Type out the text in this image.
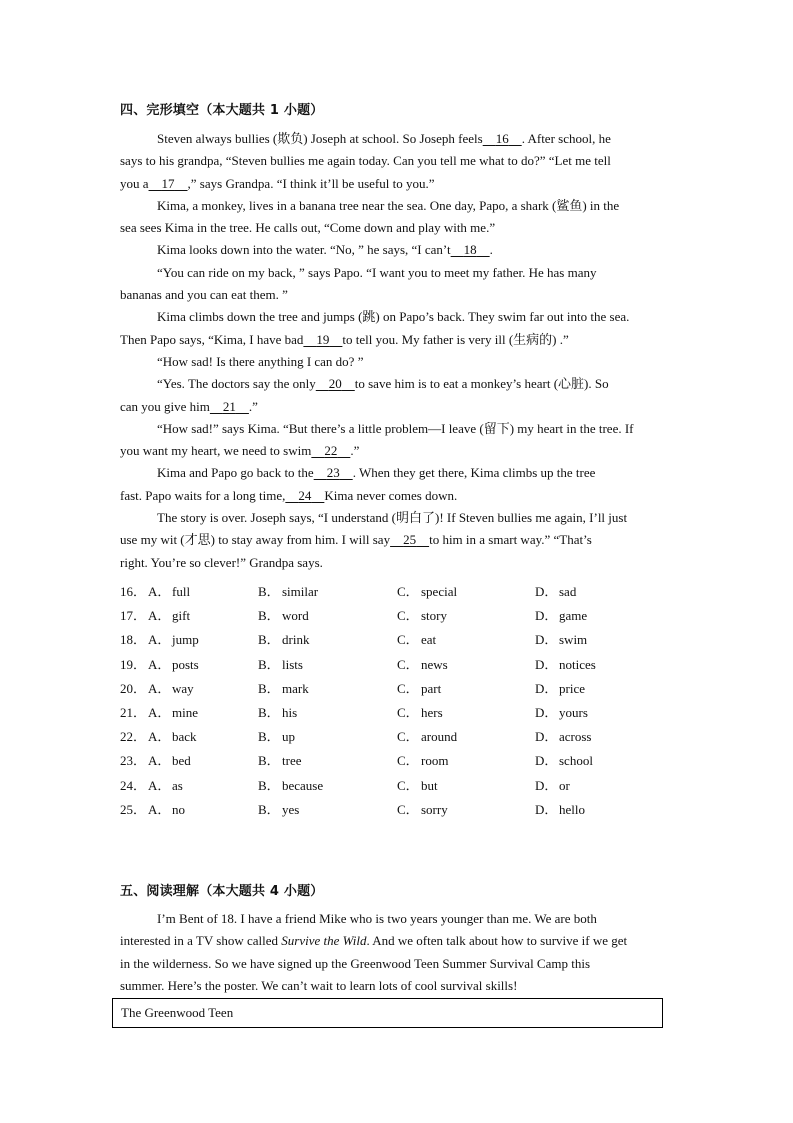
四、完形填空（本大题共 1 小题）
Steven always bullies (欺负) Joseph at school. So Joseph feels 16 . After school, he
says to his grandpa, “Steven bullies me again today. Can you tell me what to do?” “Let me tell
you a 17 ,” says Grandpa. “I think it’ll be useful to you.”
Kima, a monkey, lives in a banana tree near the sea. One day, Papo, a shark (鲨鱼) in the
sea sees Kima in the tree. He calls out, “Come down and play with me.”
Kima looks down into the water. “No, ” he says, “I can’t 18 .
“You can ride on my back, ” says Papo. “I want you to meet my father. He has many
bananas and you can eat them. ”
Kima climbs down the tree and jumps (跳) on Papo’s back. They swim far out into the sea.
Then Papo says, “Kima, I have bad 19 to tell you. My father is very ill (生病的) .”
“How sad! Is there anything I can do? ”
“Yes. The doctors say the only 20 to save him is to eat a monkey’s heart (心脏). So
can you give him 21 .”
“How sad!” says Kima. “But there’s a little problem—I leave (留下) my heart in the tree. If
you want my heart, we need to swim 22 .”
Kima and Papo go back to the 23 . When they get there, Kima climbs up the tree
fast. Papo waits for a long time, 24 Kima never comes down.
The story is over. Joseph says, “I understand (明白了)! If Steven bullies me again, I’ll just
use my wit (才思) to stay away from him. I will say 25 to him in a smart way.” “That’s
right. You’re so clever!” Grandpa says.
16． A． full	B． similar	C． special	D． sad
17． A． gift	B． word	C． story	D． game
18． A． jump	B． drink	C． eat	D． swim
19． A． posts	B． lists	C． news	D． notices
20． A． way	B． mark	C． part	D． price
21． A． mine	B． his	C． hers	D． yours
22． A． back	B． up	C． around	D． across
23． A． bed	B． tree	C． room	D． school
24． A． as	B． because	C． but	D． or
25． A． no	B． yes	C． sorry	D． hello
五、阅读理解（本大题共 4 小题）
I’m Bent of 18. I have a friend Mike who is two years younger than me. We are both
interested in a TV show called Survive the Wild. And we often talk about how to survive if we get
in the wilderness. So we have signed up the Greenwood Teen Summer Survival Camp this
summer. Here’s the poster. We can’t wait to learn lots of cool survival skills!
The Greenwood Teen
